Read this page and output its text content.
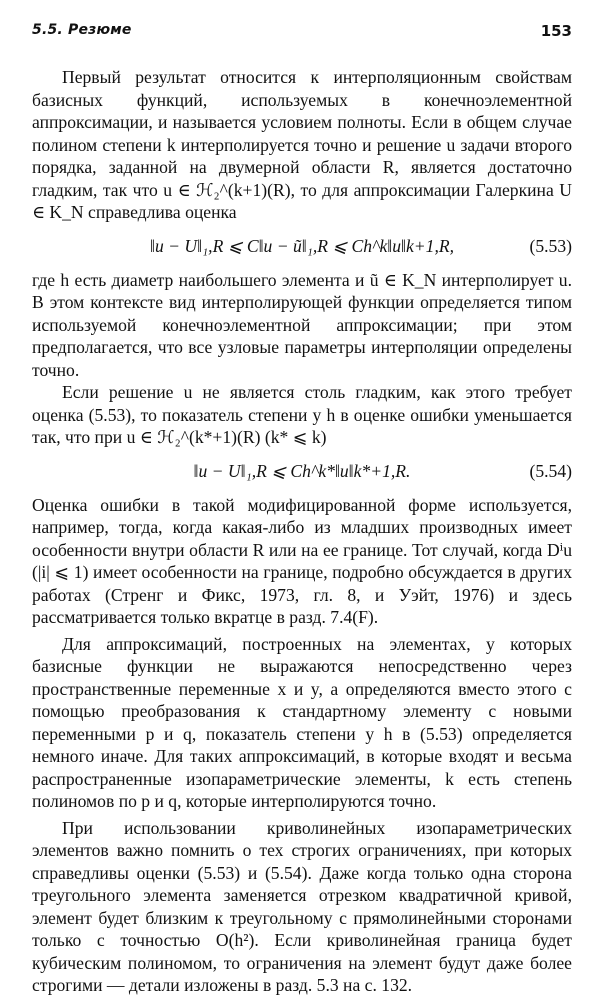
5.5. Резюме	153

Первый результат относится к интерполяционным свойствам базисных функций, используемых в конечноэлементной аппроксимации, и называется условием полноты. Если в общем случае полином степени k интерполируется точно и решение u задачи второго порядка, заданной на двумерной области R, является достаточно гладким, так что u ∈ ℋ₂^(k+1)(R), то для аппроксимации Галеркина U ∈ K_N справедлива оценка

‖u − U‖₁,R ⩽ C‖u − ũ‖₁,R ⩽ Ch^k‖u‖k+1,R,	(5.53)

где h есть диаметр наибольшего элемента и ũ ∈ K_N интерполирует u. В этом контексте вид интерполирующей функции определяется типом используемой конечноэлементной аппроксимации; при этом предполагается, что все узловые параметры интерполяции определены точно.

Если решение u не является столь гладким, как этого требует оценка (5.53), то показатель степени у h в оценке ошибки уменьшается так, что при u ∈ ℋ₂^(k*+1)(R) (k* ⩽ k)

‖u − U‖₁,R ⩽ Ch^k*‖u‖k*+1,R.	(5.54)

Оценка ошибки в такой модифицированной форме используется, например, тогда, когда какая-либо из младших производных имеет особенности внутри области R или на ее границе. Тот случай, когда Dⁱu (|i| ⩽ 1) имеет особенности на границе, подробно обсуждается в других работах (Стренг и Фикс, 1973, гл. 8, и Уэйт, 1976) и здесь рассматривается только вкратце в разд. 7.4(F).

Для аппроксимаций, построенных на элементах, у которых базисные функции не выражаются непосредственно через пространственные переменные x и y, а определяются вместо этого с помощью преобразования к стандартному элементу с новыми переменными p и q, показатель степени у h в (5.53) определяется немного иначе. Для таких аппроксимаций, в которые входят и весьма распространенные изопараметрические элементы, k есть степень полиномов по p и q, которые интерполируются точно.

При использовании криволинейных изопараметрических элементов важно помнить о тех строгих ограничениях, при которых справедливы оценки (5.53) и (5.54). Даже когда только одна сторона треугольного элемента заменяется отрезком квадратичной кривой, элемент будет близким к треугольному с прямолинейными сторонами только с точностью O(h²). Если криволинейная граница будет кубическим полиномом, то ограничения на элемент будут даже более строгими — детали изложены в разд. 5.3 на с. 132.
